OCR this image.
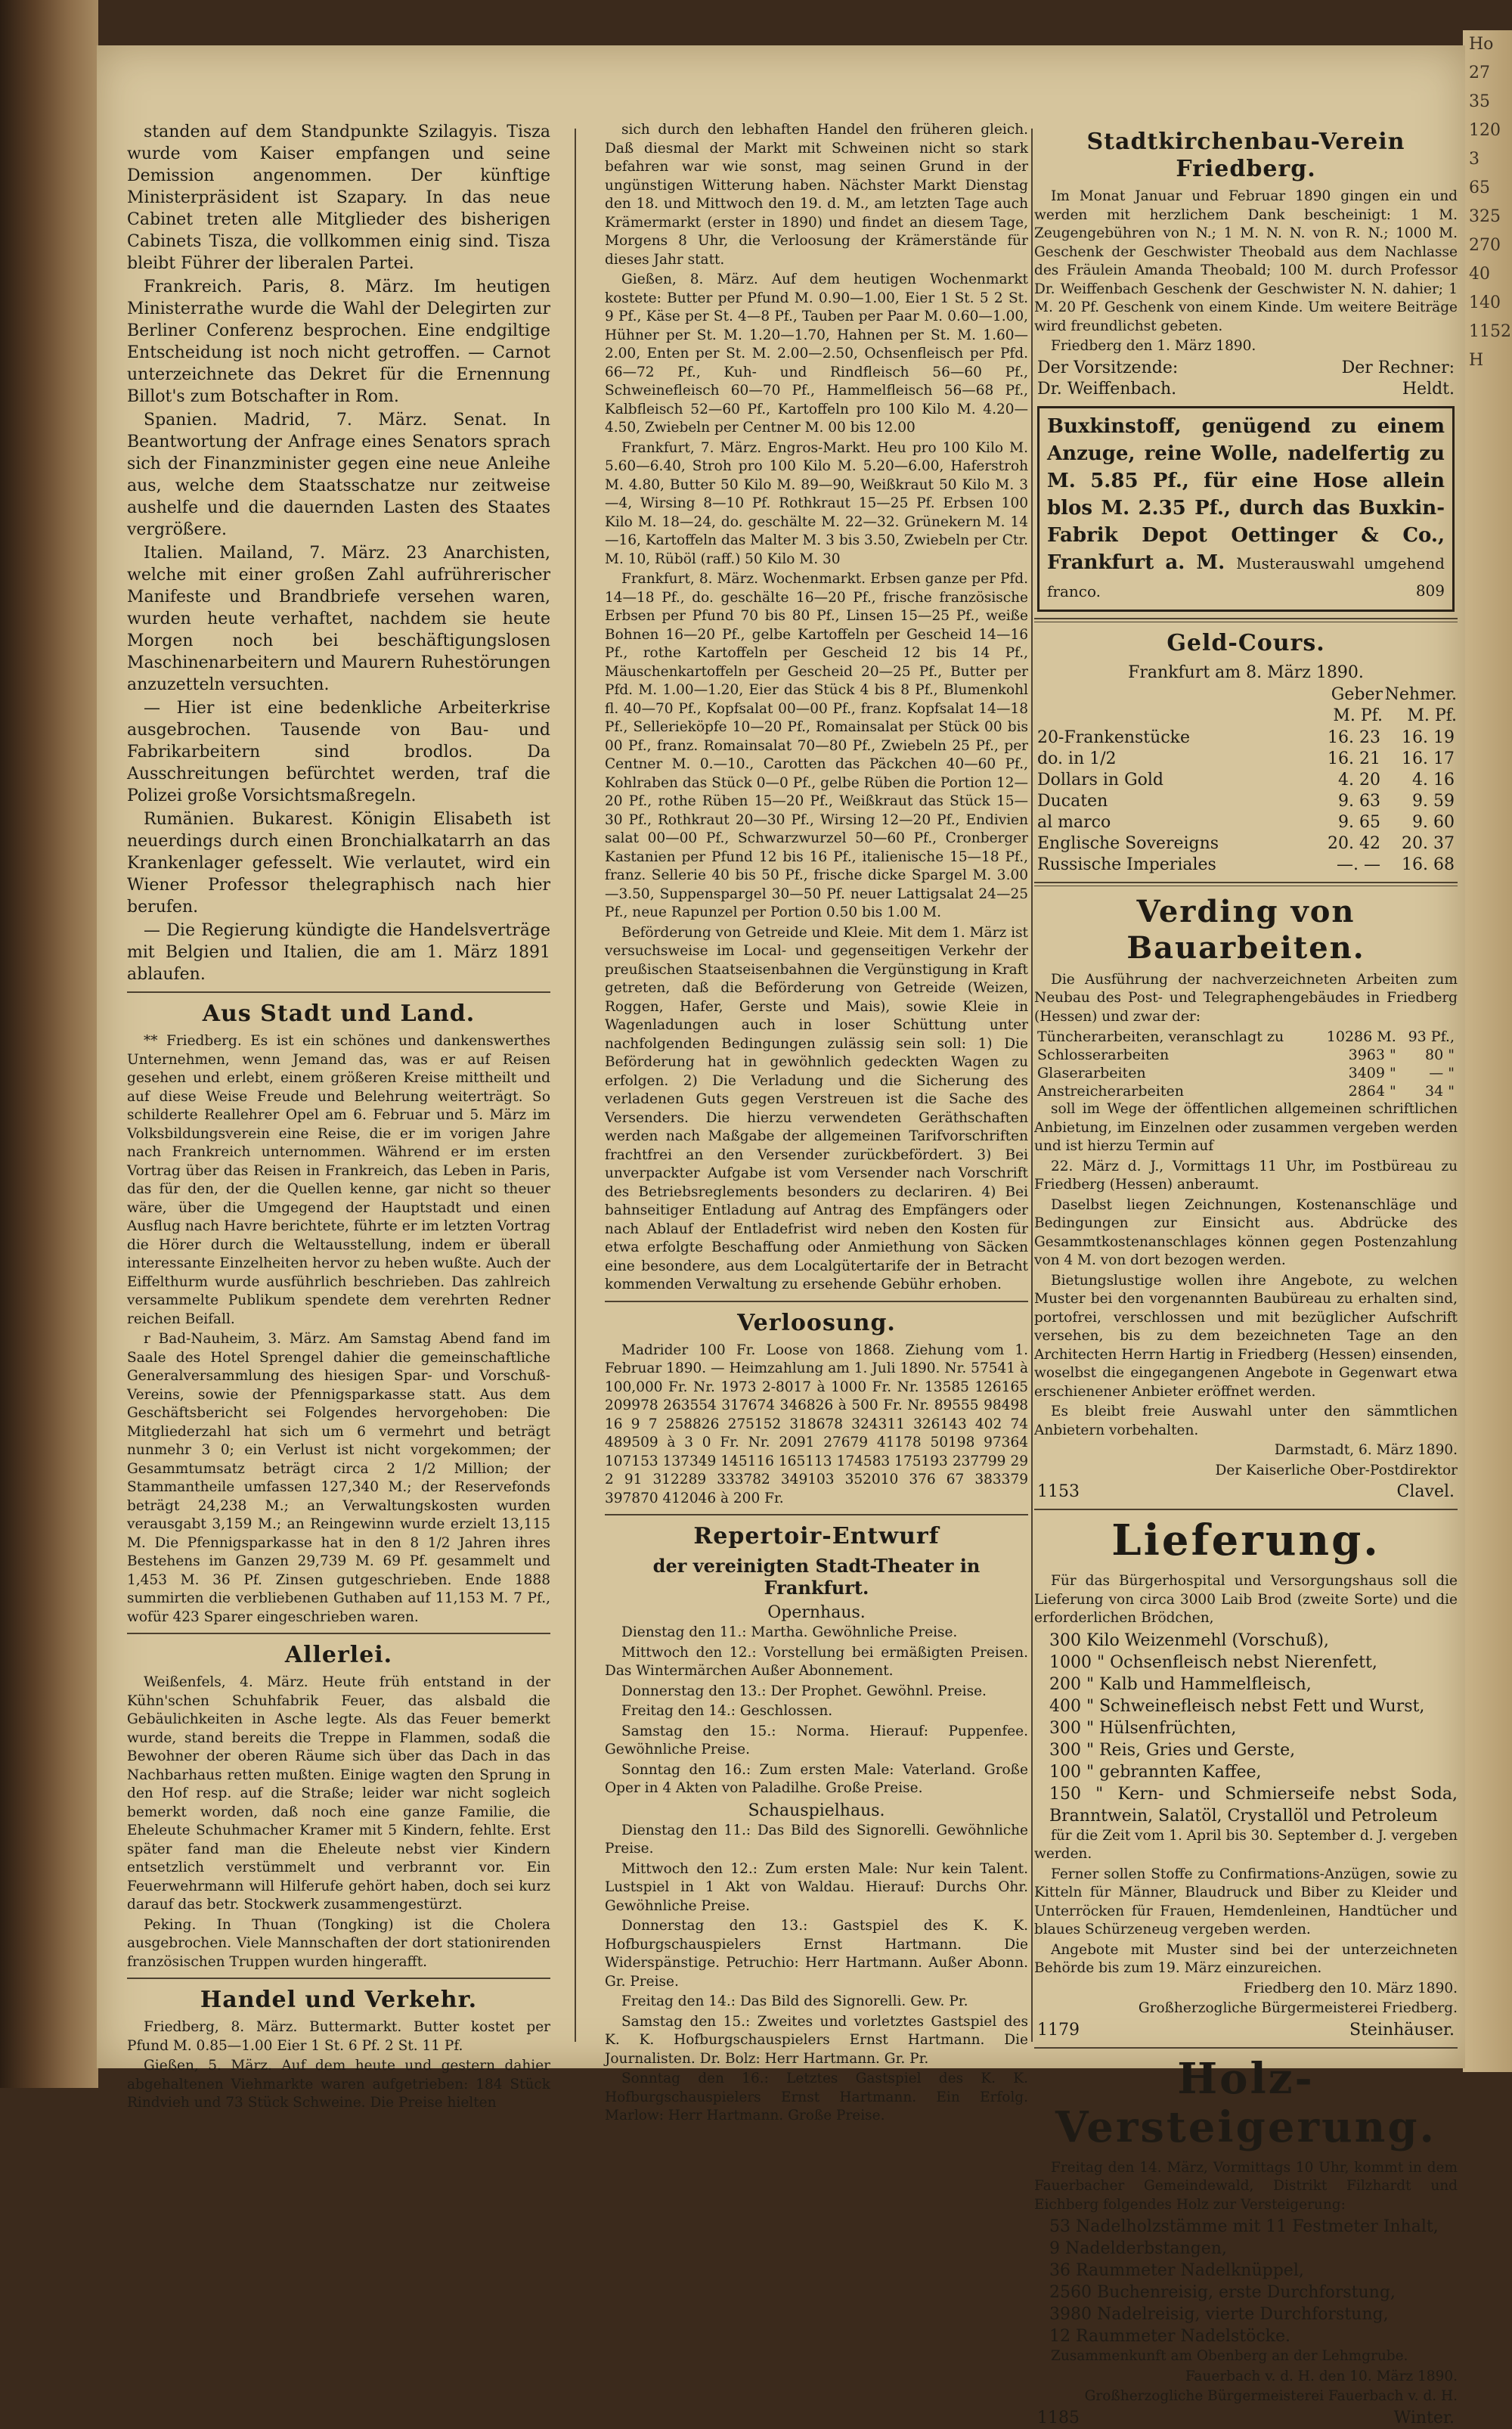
Ho
27
35
120
3
65
325
270
40
140
1152
H

standen auf dem Standpunkte Szilagyis. Tisza wurde vom Kaiser empfangen und seine Demission angenommen. Der künftige Ministerpräsident ist Szapary. In das neue Cabinet treten alle Mitglieder des bisherigen Cabinets Tisza, die vollkommen einig sind. Tisza bleibt Führer der liberalen Partei.

Frankreich. Paris, 8. März. Im heutigen Ministerrathe wurde die Wahl der Delegirten zur Berliner Conferenz besprochen. Eine endgiltige Entscheidung ist noch nicht getroffen. — Carnot unterzeichnete das Dekret für die Ernennung Billot's zum Botschafter in Rom.

Spanien. Madrid, 7. März. Senat. In Beantwortung der Anfrage eines Senators sprach sich der Finanzminister gegen eine neue Anleihe aus, welche dem Staatsschatze nur zeitweise aushelfe und die dauernden Lasten des Staates vergrößere.

Italien. Mailand, 7. März. 23 Anarchisten, welche mit einer großen Zahl aufrührerischer Manifeste und Brandbriefe versehen waren, wurden heute verhaftet, nachdem sie heute Morgen noch bei beschäftigungslosen Maschinenarbeitern und Maurern Ruhestörungen anzuzetteln versuchten.

— Hier ist eine bedenkliche Arbeiterkrise ausgebrochen. Tausende von Bau- und Fabrikarbeitern sind brodlos. Da Ausschreitungen befürchtet werden, traf die Polizei große Vorsichtsmaßregeln.

Rumänien. Bukarest. Königin Elisabeth ist neuerdings durch einen Bronchialkatarrh an das Krankenlager gefesselt. Wie verlautet, wird ein Wiener Professor thelegraphisch nach hier berufen.

— Die Regierung kündigte die Handelsverträge mit Belgien und Italien, die am 1. März 1891 ablaufen.

Aus Stadt und Land.

** Friedberg. Es ist ein schönes und dankenswerthes Unternehmen, wenn Jemand das, was er auf Reisen gesehen und erlebt, einem größeren Kreise mittheilt und auf diese Weise Freude und Belehrung weiterträgt. So schilderte Reallehrer Opel am 6. Februar und 5. März im Volksbildungsverein eine Reise, die er im vorigen Jahre nach Frankreich unternommen. Während er im ersten Vortrag über das Reisen in Frankreich, das Leben in Paris, das für den, der die Quellen kenne, gar nicht so theuer wäre, über die Umgegend der Hauptstadt und einen Ausflug nach Havre berichtete, führte er im letzten Vortrag die Hörer durch die Weltausstellung, indem er überall interessante Einzelheiten hervor zu heben wußte. Auch der Eiffelthurm wurde ausführlich beschrieben. Das zahlreich versammelte Publikum spendete dem verehrten Redner reichen Beifall.

r Bad-Nauheim, 3. März. Am Samstag Abend fand im Saale des Hotel Sprengel dahier die gemeinschaftliche Generalversammlung des hiesigen Spar- und Vorschuß-Vereins, sowie der Pfennigsparkasse statt. Aus dem Geschäftsbericht sei Folgendes hervorgehoben: Die Mitgliederzahl hat sich um 6 vermehrt und beträgt nunmehr 3 0; ein Verlust ist nicht vorgekommen; der Gesammtumsatz beträgt circa 2 1/2 Million; der Stammantheile umfassen 127,340 M.; der Reservefonds beträgt 24,238 M.; an Verwaltungskosten wurden verausgabt 3,159 M.; an Reingewinn wurde erzielt 13,115 M. Die Pfennigsparkasse hat in den 8 1/2 Jahren ihres Bestehens im Ganzen 29,739 M. 69 Pf. gesammelt und 1,453 M. 36 Pf. Zinsen gutgeschrieben. Ende 1888 summirten die verbliebenen Guthaben auf 11,153 M. 7 Pf., wofür 423 Sparer eingeschrieben waren.

Allerlei.

Weißenfels, 4. März. Heute früh entstand in der Kühn'schen Schuhfabrik Feuer, das alsbald die Gebäulichkeiten in Asche legte. Als das Feuer bemerkt wurde, stand bereits die Treppe in Flammen, sodaß die Bewohner der oberen Räume sich über das Dach in das Nachbarhaus retten mußten. Einige wagten den Sprung in den Hof resp. auf die Straße; leider war nicht sogleich bemerkt worden, daß noch eine ganze Familie, die Eheleute Schuhmacher Kramer mit 5 Kindern, fehlte. Erst später fand man die Eheleute nebst vier Kindern entsetzlich verstümmelt und verbrannt vor. Ein Feuerwehrmann will Hilferufe gehört haben, doch sei kurz darauf das betr. Stockwerk zusammengestürzt.

Peking. In Thuan (Tongking) ist die Cholera ausgebrochen. Viele Mannschaften der dort stationirenden französischen Truppen wurden hingerafft.

Handel und Verkehr.

Friedberg, 8. März. Buttermarkt. Butter kostet per Pfund M. 0.85—1.00 Eier 1 St. 6 Pf. 2 St. 11 Pf.

Gießen, 5. März. Auf dem heute und gestern dahier abgehaltenen Viehmarkte waren aufgetrieben: 184 Stück Rindvieh und 73 Stück Schweine. Die Preise hielten

sich durch den lebhaften Handel den früheren gleich. Daß diesmal der Markt mit Schweinen nicht so stark befahren war wie sonst, mag seinen Grund in der ungünstigen Witterung haben. Nächster Markt Dienstag den 18. und Mittwoch den 19. d. M., am letzten Tage auch Krämermarkt (erster in 1890) und findet an diesem Tage, Morgens 8 Uhr, die Verloosung der Krämerstände für dieses Jahr statt.

Gießen, 8. März. Auf dem heutigen Wochenmarkt kostete: Butter per Pfund M. 0.90—1.00, Eier 1 St. 5 2 St. 9 Pf., Käse per St. 4—8 Pf., Tauben per Paar M. 0.60—1.00, Hühner per St. M. 1.20—1.70, Hahnen per St. M. 1.60—2.00, Enten per St. M. 2.00—2.50, Ochsenfleisch per Pfd. 66—72 Pf., Kuh- und Rindfleisch 56—60 Pf., Schweinefleisch 60—70 Pf., Hammelfleisch 56—68 Pf., Kalbfleisch 52—60 Pf., Kartoffeln pro 100 Kilo M. 4.20—4.50, Zwiebeln per Centner M. 00 bis 12.00

Frankfurt, 7. März. Engros-Markt. Heu pro 100 Kilo M. 5.60—6.40, Stroh pro 100 Kilo M. 5.20—6.00, Haferstroh M. 4.80, Butter 50 Kilo M. 89—90, Weißkraut 50 Kilo M. 3—4, Wirsing 8—10 Pf. Rothkraut 15—25 Pf. Erbsen 100 Kilo M. 18—24, do. geschälte M. 22—32. Grünekern M. 14—16, Kartoffeln das Malter M. 3 bis 3.50, Zwiebeln per Ctr. M. 10, Rüböl (raff.) 50 Kilo M. 30

Frankfurt, 8. März. Wochenmarkt. Erbsen ganze per Pfd. 14—18 Pf., do. geschälte 16—20 Pf., frische französische Erbsen per Pfund 70 bis 80 Pf., Linsen 15—25 Pf., weiße Bohnen 16—20 Pf., gelbe Kartoffeln per Gescheid 14—16 Pf., rothe Kartoffeln per Gescheid 12 bis 14 Pf., Mäuschenkartoffeln per Gescheid 20—25 Pf., Butter per Pfd. M. 1.00—1.20, Eier das Stück 4 bis 8 Pf., Blumenkohl fl. 40—70 Pf., Kopfsalat 00—00 Pf., franz. Kopfsalat 14—18 Pf., Sellerieköpfe 10—20 Pf., Romainsalat per Stück 00 bis 00 Pf., franz. Romainsalat 70—80 Pf., Zwiebeln 25 Pf., per Centner M. 0.—10., Carotten das Päckchen 40—60 Pf., Kohlraben das Stück 0—0 Pf., gelbe Rüben die Portion 12—20 Pf., rothe Rüben 15—20 Pf., Weißkraut das Stück 15—30 Pf., Rothkraut 20—30 Pf., Wirsing 12—20 Pf., Endivien salat 00—00 Pf., Schwarzwurzel 50—60 Pf., Cronberger Kastanien per Pfund 12 bis 16 Pf., italienische 15—18 Pf., franz. Sellerie 40 bis 50 Pf., frische dicke Spargel M. 3.00—3.50, Suppenspargel 30—50 Pf. neuer Lattigsalat 24—25 Pf., neue Rapunzel per Portion 0.50 bis 1.00 M.

Beförderung von Getreide und Kleie. Mit dem 1. März ist versuchsweise im Local- und gegenseitigen Verkehr der preußischen Staatseisenbahnen die Vergünstigung in Kraft getreten, daß die Beförderung von Getreide (Weizen, Roggen, Hafer, Gerste und Mais), sowie Kleie in Wagenladungen auch in loser Schüttung unter nachfolgenden Bedingungen zulässig sein soll: 1) Die Beförderung hat in gewöhnlich gedeckten Wagen zu erfolgen. 2) Die Verladung und die Sicherung des verladenen Guts gegen Verstreuen ist die Sache des Versenders. Die hierzu verwendeten Geräthschaften werden nach Maßgabe der allgemeinen Tarifvorschriften frachtfrei an den Versender zurückbefördert. 3) Bei unverpackter Aufgabe ist vom Versender nach Vorschrift des Betriebsreglements besonders zu declariren. 4) Bei bahnseitiger Entladung auf Antrag des Empfängers oder nach Ablauf der Entladefrist wird neben den Kosten für etwa erfolgte Beschaffung oder Anmiethung von Säcken eine besondere, aus dem Localgütertarife der in Betracht kommenden Verwaltung zu ersehende Gebühr erhoben.

Verloosung.

Madrider 100 Fr. Loose von 1868. Ziehung vom 1. Februar 1890. — Heimzahlung am 1. Juli 1890. Nr. 57541 à 100,000 Fr. Nr. 1973 2-8017 à 1000 Fr. Nr. 13585 126165 209978 263554 317674 346826 à 500 Fr. Nr. 89555 98498 16 9 7 258826 275152 318678 324311 326143 402 74 489509 à 3 0 Fr. Nr. 2091 27679 41178 50198 97364 107153 137349 145116 165113 174583 175193 237799 29 2 91 312289 333782 349103 352010 376 67 383379 397870 412046 à 200 Fr.

Repertoir-Entwurf
der vereinigten Stadt-Theater in Frankfurt.
Opernhaus.

Dienstag den 11.: Martha. Gewöhnliche Preise.

Mittwoch den 12.: Vorstellung bei ermäßigten Preisen. Das Wintermärchen Außer Abonnement.

Donnerstag den 13.: Der Prophet. Gewöhnl. Preise.

Freitag den 14.: Geschlossen.

Samstag den 15.: Norma. Hierauf: Puppenfee. Gewöhnliche Preise.

Sonntag den 16.: Zum ersten Male: Vaterland. Große Oper in 4 Akten von Paladilhe. Große Preise.

Schauspielhaus.

Dienstag den 11.: Das Bild des Signorelli. Gewöhnliche Preise.

Mittwoch den 12.: Zum ersten Male: Nur kein Talent. Lustspiel in 1 Akt von Waldau. Hierauf: Durchs Ohr. Gewöhnliche Preise.

Donnerstag den 13.: Gastspiel des K. K. Hofburgschauspielers Ernst Hartmann. Die Widerspänstige. Petruchio: Herr Hartmann. Außer Abonn. Gr. Preise.

Freitag den 14.: Das Bild des Signorelli. Gew. Pr.

Samstag den 15.: Zweites und vorletztes Gastspiel des K. K. Hofburgschauspielers Ernst Hartmann. Die Journalisten. Dr. Bolz: Herr Hartmann. Gr. Pr.

Sonntag den 16.: Letztes Gastspiel des K. K. Hofburgschauspielers Ernst Hartmann. Ein Erfolg. Marlow: Herr Hartmann. Große Preise.

Stadtkirchenbau-Verein Friedberg.

Im Monat Januar und Februar 1890 gingen ein und werden mit herzlichem Dank bescheinigt: 1 M. Zeugengebühren von N.; 1 M. N. N. von R. N.; 1000 M. Geschenk der Geschwister Theobald aus dem Nachlasse des Fräulein Amanda Theobald; 100 M. durch Professor Dr. Weiffenbach Geschenk der Geschwister N. N. dahier; 1 M. 20 Pf. Geschenk von einem Kinde. Um weitere Beiträge wird freundlichst gebeten.

Friedberg den 1. März 1890.

Der Vorsitzende:	Der Rechner:
Dr. Weiffenbach.	Heldt.
Buxkinstoff, genügend zu einem Anzuge, reine Wolle, nadelfertig zu M. 5.85 Pf., für eine Hose allein blos M. 2.35 Pf., durch das Buxkin-Fabrik Depot Oettinger & Co., Frankfurt a. M. Musterauswahl umgehend franco.	809
Geld-Cours.
Frankfurt am 8. März 1890.
	Geber M. Pf.	Nehmer. M. Pf.
20-Frankenstücke	16. 23	16. 19
do. in 1/2	16. 21	16. 17
Dollars in Gold	4. 20	4. 16
Ducaten	9. 63	9. 59
al marco	9. 65	9. 60
Englische Sovereigns	20. 42	20. 37
Russische Imperiales	—. —	16. 68
Verding von Bauarbeiten.

Die Ausführung der nachverzeichneten Arbeiten zum Neubau des Post- und Telegraphengebäudes in Friedberg (Hessen) und zwar der:

Tüncherarbeiten, veranschlagt zu	10286 M.	93 Pf.,
Schlosserarbeiten	3963 "	80 "
Glaserarbeiten	3409 "	— "
Anstreicherarbeiten	2864 "	34 "

soll im Wege der öffentlichen allgemeinen schriftlichen Anbietung, im Einzelnen oder zusammen vergeben werden und ist hierzu Termin auf

22. März d. J., Vormittags 11 Uhr, im Postbüreau zu Friedberg (Hessen) anberaumt.

Daselbst liegen Zeichnungen, Kostenanschläge und Bedingungen zur Einsicht aus. Abdrücke des Gesammtkostenanschlages können gegen Postenzahlung von 4 M. von dort bezogen werden.

Bietungslustige wollen ihre Angebote, zu welchen Muster bei den vorgenannten Baubüreau zu erhalten sind, portofrei, verschlossen und mit bezüglicher Aufschrift versehen, bis zu dem bezeichneten Tage an den Architecten Herrn Hartig in Friedberg (Hessen) einsenden, woselbst die eingegangenen Angebote in Gegenwart etwa erschienener Anbieter eröffnet werden.

Es bleibt freie Auswahl unter den sämmtlichen Anbietern vorbehalten.

Darmstadt, 6. März 1890.

Der Kaiserliche Ober-Postdirektor

1153	Clavel.
Lieferung.

Für das Bürgerhospital und Versorgungshaus soll die Lieferung von circa 3000 Laib Brod (zweite Sorte) und die erforderlichen Brödchen,

300 Kilo Weizenmehl (Vorschuß),
1000 " Ochsenfleisch nebst Nierenfett,
200 " Kalb und Hammelfleisch,
400 " Schweinefleisch nebst Fett und Wurst,
300 " Hülsenfrüchten,
300 " Reis, Gries und Gerste,
100 " gebrannten Kaffee,
150 " Kern- und Schmierseife nebst Soda, Branntwein, Salatöl, Crystallöl und Petroleum

für die Zeit vom 1. April bis 30. September d. J. vergeben werden.

Ferner sollen Stoffe zu Confirmations-Anzügen, sowie zu Kitteln für Männer, Blaudruck und Biber zu Kleider und Unterröcken für Frauen, Hemdenleinen, Handtücher und blaues Schürzeneug vergeben werden.

Angebote mit Muster sind bei der unterzeichneten Behörde bis zum 19. März einzureichen.

Friedberg den 10. März 1890.

Großherzogliche Bürgermeisterei Friedberg.

1179	Steinhäuser.
Holz-Versteigerung.

Freitag den 14. März, Vormittags 10 Uhr, kommt in dem Fauerbacher Gemeindewald, Distrikt Filzhardt und Eichberg folgendes Holz zur Versteigerung:

53 Nadelholzstämme mit 11 Festmeter Inhalt,
9 Nadelderbstangen,
36 Raummeter Nadelknüppel,
2560 Buchenreisig, erste Durchforstung,
3980 Nadelreisig, vierte Durchforstung,
12 Raummeter Nadelstöcke.

Zusammenkunft am Obenberg an der Lehmgrube.

Fauerbach v. d. H. den 10. März 1890.

Großherzogliche Bürgermeisterei Fauerbach v. d. H.

1185	Winter.
